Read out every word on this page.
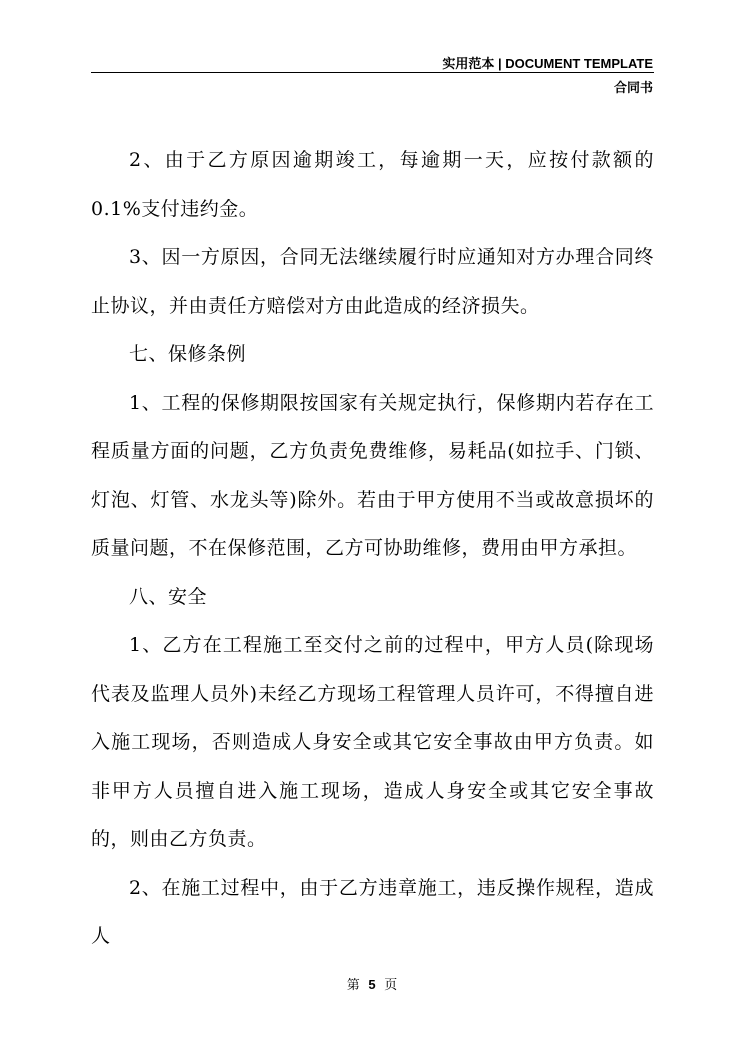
实用范本 | DOCUMENT TEMPLATE
合同书

2、由于乙方原因逾期竣工，每逾期一天，应按付款额的0.1%支付违约金。

3、因一方原因，合同无法继续履行时应通知对方办理合同终止协议，并由责任方赔偿对方由此造成的经济损失。

七、保修条例

1、工程的保修期限按国家有关规定执行，保修期内若存在工程质量方面的问题，乙方负责免费维修，易耗品(如拉手、门锁、灯泡、灯管、水龙头等)除外。若由于甲方使用不当或故意损坏的质量问题，不在保修范围，乙方可协助维修，费用由甲方承担。

八、安全

1、乙方在工程施工至交付之前的过程中，甲方人员(除现场代表及监理人员外)未经乙方现场工程管理人员许可，不得擅自进入施工现场，否则造成人身安全或其它安全事故由甲方负责。如非甲方人员擅自进入施工现场，造成人身安全或其它安全事故的，则由乙方负责。

2、在施工过程中，由于乙方违章施工，违反操作规程，造成人

第 5 页
